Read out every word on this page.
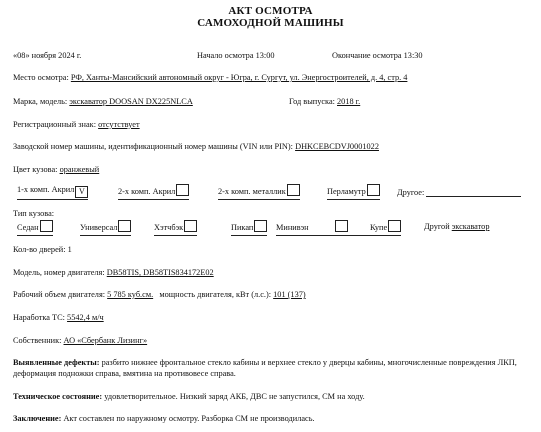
АКТ ОСМОТРА
САМОХОДНОЙ МАШИНЫ
«08» ноября 2024 г.	Начало осмотра 13:00	Окончание осмотра 13:30
Место осмотра: РФ, Ханты-Мансийский автономный округ - Югра, г. Сургут, ул. Энергостроителей, д. 4, стр. 4
Марка, модель: экскаватор DOOSAN DX225NLCA	Год выпуска: 2018 г.
Регистрационный знак: отсутствует
Заводской номер машины, идентификационный номер машины (VIN или PIN): DHKCEBCDVJ0001022
Цвет кузова: оранжевый
1-х комп. Акрил V	2-х комп. Акрил	2-х комп. металлик	Перламутр	Другое:
Тип кузова:
Седан	Универсал	Хэтчбэк	Пикап	Минивэн	Купе	Другой экскаватор
Кол-во дверей: 1
Модель, номер двигателя: DB58TIS, DB58TIS834172E02
Рабочий объем двигателя: 5 785 куб.см. мощность двигателя, кВт (л.с.): 101 (137)
Наработка ТС: 5542,4 м/ч
Собственник: АО «Сбербанк Лизинг»
Выявленные дефекты: разбито нижнее фронтальное стекло кабины и верхнее стекло у дверцы кабины, многочисленные повреждения ЛКП, деформация подножки справа, вмятина на противовесе справа.
Техническое состояние: удовлетворительное. Низкий заряд АКБ, ДВС не запустился, СМ на ходу.
Заключение: Акт составлен по наружному осмотру. Разборка СМ не производилась.
